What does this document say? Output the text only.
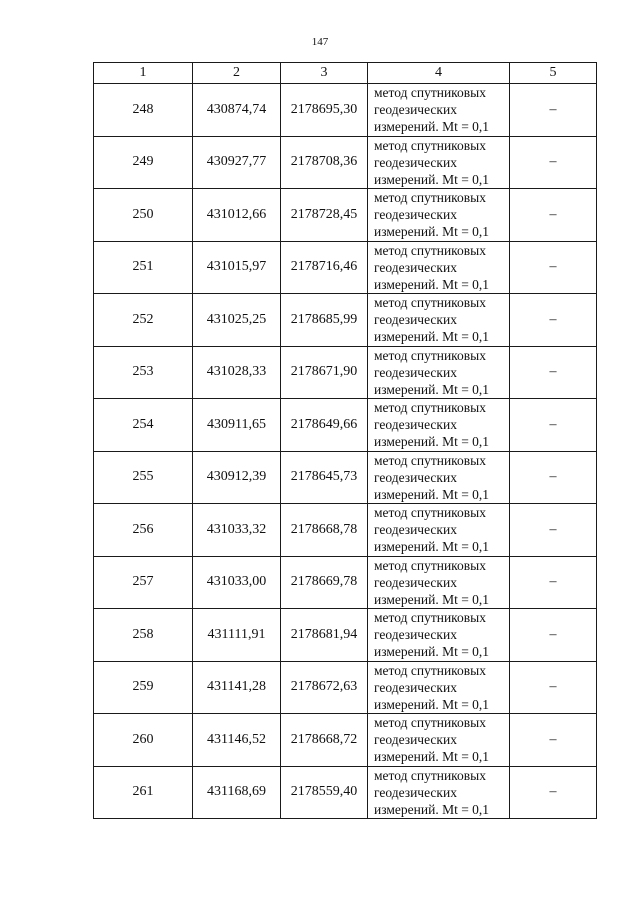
147
1	2	3	4	5
248	430874,74	2178695,30	метод спутниковых
геодезических
измерений. Mt = 0,1	–
249	430927,77	2178708,36	метод спутниковых
геодезических
измерений. Mt = 0,1	–
250	431012,66	2178728,45	метод спутниковых
геодезических
измерений. Mt = 0,1	–
251	431015,97	2178716,46	метод спутниковых
геодезических
измерений. Mt = 0,1	–
252	431025,25	2178685,99	метод спутниковых
геодезических
измерений. Mt = 0,1	–
253	431028,33	2178671,90	метод спутниковых
геодезических
измерений. Mt = 0,1	–
254	430911,65	2178649,66	метод спутниковых
геодезических
измерений. Mt = 0,1	–
255	430912,39	2178645,73	метод спутниковых
геодезических
измерений. Mt = 0,1	–
256	431033,32	2178668,78	метод спутниковых
геодезических
измерений. Mt = 0,1	–
257	431033,00	2178669,78	метод спутниковых
геодезических
измерений. Mt = 0,1	–
258	431111,91	2178681,94	метод спутниковых
геодезических
измерений. Mt = 0,1	–
259	431141,28	2178672,63	метод спутниковых
геодезических
измерений. Mt = 0,1	–
260	431146,52	2178668,72	метод спутниковых
геодезических
измерений. Mt = 0,1	–
261	431168,69	2178559,40	метод спутниковых
геодезических
измерений. Mt = 0,1	–
